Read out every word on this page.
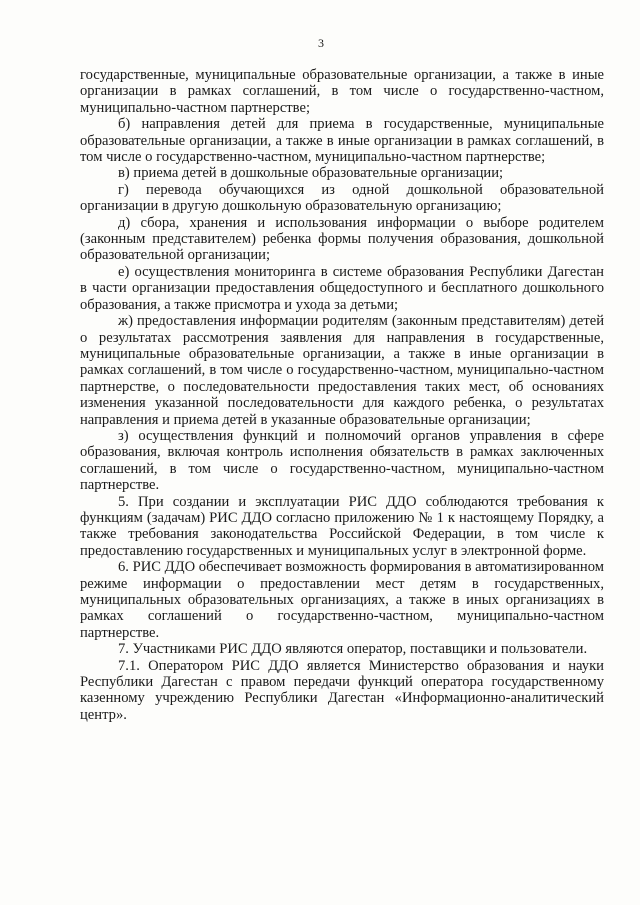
3

государственные, муниципальные образовательные организации, а также в иные организации в рамках соглашений, в том числе о государственно-частном, муниципально-частном партнерстве;

б) направления детей для приема в государственные, муниципальные образовательные организации, а также в иные организации в рамках соглашений, в том числе о государственно-частном, муниципально-частном партнерстве;

в) приема детей в дошкольные образовательные организации;

г) перевода обучающихся из одной дошкольной образовательной организации в другую дошкольную образовательную организацию;

д) сбора, хранения и использования информации о выборе родителем (законным представителем) ребенка формы получения образования, дошкольной образовательной организации;

е) осуществления мониторинга в системе образования Республики Дагестан в части организации предоставления общедоступного и бесплатного дошкольного образования, а также присмотра и ухода за детьми;

ж) предоставления информации родителям (законным представителям) детей о результатах рассмотрения заявления для направления в государственные, муниципальные образовательные организации, а также в иные организации в рамках соглашений, в том числе о государственно-частном, муниципально-частном партнерстве, о последовательности предоставления таких мест, об основаниях изменения указанной последовательности для каждого ребенка, о результатах направления и приема детей в указанные образовательные организации;

з) осуществления функций и полномочий органов управления в сфере образования, включая контроль исполнения обязательств в рамках заключенных соглашений, в том числе о государственно-частном, муниципально-частном партнерстве.

5. При создании и эксплуатации РИС ДДО соблюдаются требования к функциям (задачам) РИС ДДО согласно приложению № 1 к настоящему Порядку, а также требования законодательства Российской Федерации, в том числе к предоставлению государственных и муниципальных услуг в электронной форме.

6. РИС ДДО обеспечивает возможность формирования в автоматизированном режиме информации о предоставлении мест детям в государственных, муниципальных образовательных организациях, а также в иных организациях в рамках соглашений о государственно-частном, муниципально-частном партнерстве.

7. Участниками РИС ДДО являются оператор, поставщики и пользователи.

7.1. Оператором РИС ДДО является Министерство образования и науки Республики Дагестан с правом передачи функций оператора государственному казенному учреждению Республики Дагестан «Информационно-аналитический центр».
